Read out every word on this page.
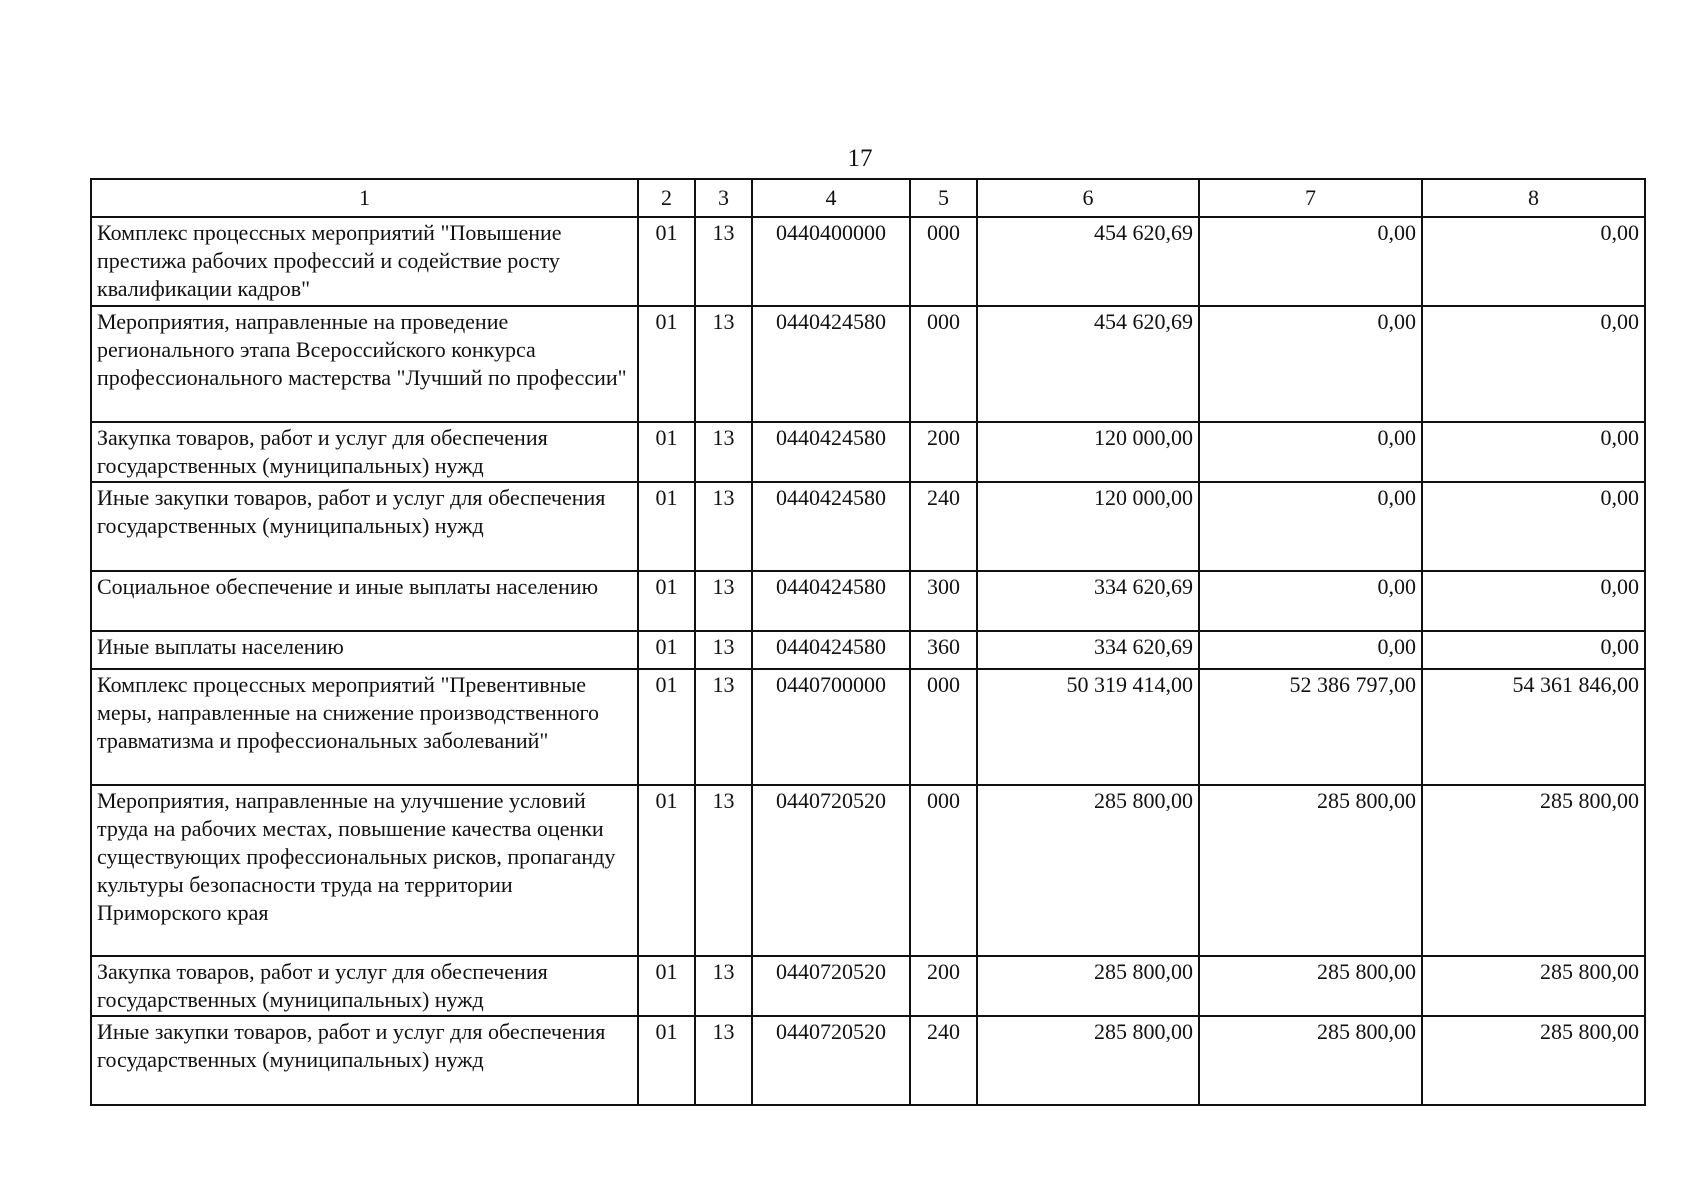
17
1	2	3	4	5	6	7	8
Комплекс процессных мероприятий "Повышение престижа рабочих профессий и содействие росту квалификации кадров"	01	13	0440400000	000	454 620,69	0,00	0,00
Мероприятия, направленные на проведение регионального этапа Всероссийского конкурса профессионального мастерства "Лучший по профессии"	01	13	0440424580	000	454 620,69	0,00	0,00
Закупка товаров, работ и услуг для обеспечения государственных (муниципальных) нужд	01	13	0440424580	200	120 000,00	0,00	0,00
Иные закупки товаров, работ и услуг для обеспечения государственных (муниципальных) нужд	01	13	0440424580	240	120 000,00	0,00	0,00
Социальное обеспечение и иные выплаты населению	01	13	0440424580	300	334 620,69	0,00	0,00
Иные выплаты населению	01	13	0440424580	360	334 620,69	0,00	0,00
Комплекс процессных мероприятий "Превентивные меры, направленные на снижение производственного травматизма и профессиональных заболеваний"	01	13	0440700000	000	50 319 414,00	52 386 797,00	54 361 846,00
Мероприятия, направленные на улучшение условий труда на рабочих местах, повышение качества оценки существующих профессиональных рисков, пропаганду культуры безопасности труда на территории Приморского края	01	13	0440720520	000	285 800,00	285 800,00	285 800,00
Закупка товаров, работ и услуг для обеспечения государственных (муниципальных) нужд	01	13	0440720520	200	285 800,00	285 800,00	285 800,00
Иные закупки товаров, работ и услуг для обеспечения государственных (муниципальных) нужд	01	13	0440720520	240	285 800,00	285 800,00	285 800,00
